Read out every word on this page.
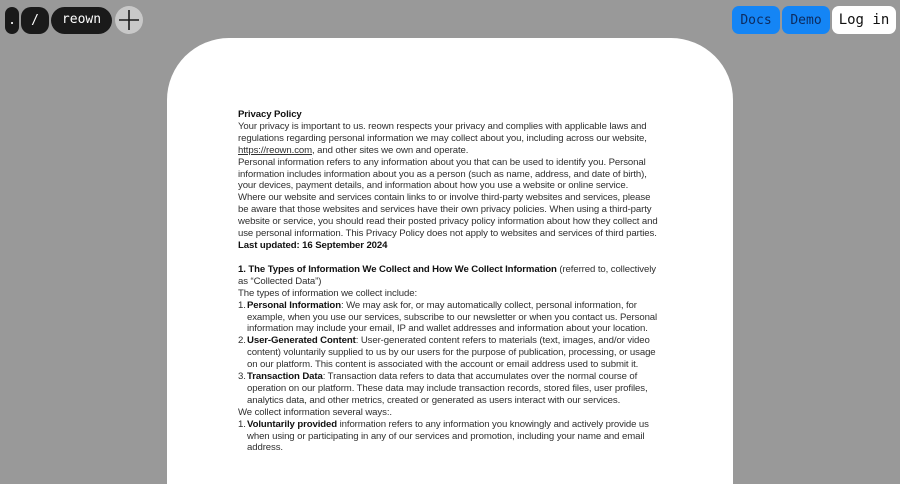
.	/	reown	Docs	Demo	Log in

Privacy Policy

Your privacy is important to us. reown respects your privacy and complies with applicable laws and regulations regarding personal information we may collect about you, including across our website, https://reown.com, and other sites we own and operate.

Personal information refers to any information about you that can be used to identify you. Personal information includes information about you as a person (such as name, address, and date of birth), your devices, payment details, and information about how you use a website or online service.

Where our website and services contain links to or involve third-party websites and services, please be aware that those websites and services have their own privacy policies. When using a third-party website or service, you should read their posted privacy policy information about how they collect and use personal information. This Privacy Policy does not apply to websites and services of third parties.

Last updated: 16 September 2024

1. The Types of Information We Collect and How We Collect Information (referred to, collectively as “Collected Data”)

The types of information we collect include:

1. Personal Information: We may ask for, or may automatically collect, personal information, for example, when you use our services, subscribe to our newsletter or when you contact us. Personal information may include your email, IP and wallet addresses and information about your location.
2. User-Generated Content: User-generated content refers to materials (text, images, and/or video content) voluntarily supplied to us by our users for the purpose of publication, processing, or usage on our platform. This content is associated with the account or email address used to submit it.
3. Transaction Data: Transaction data refers to data that accumulates over the normal course of operation on our platform. These data may include transaction records, stored files, user profiles, analytics data, and other metrics, created or generated as users interact with our services.

We collect information several ways:.

1. Voluntarily provided information refers to any information you knowingly and actively provide us when using or participating in any of our services and promotion, including your name and email address.
